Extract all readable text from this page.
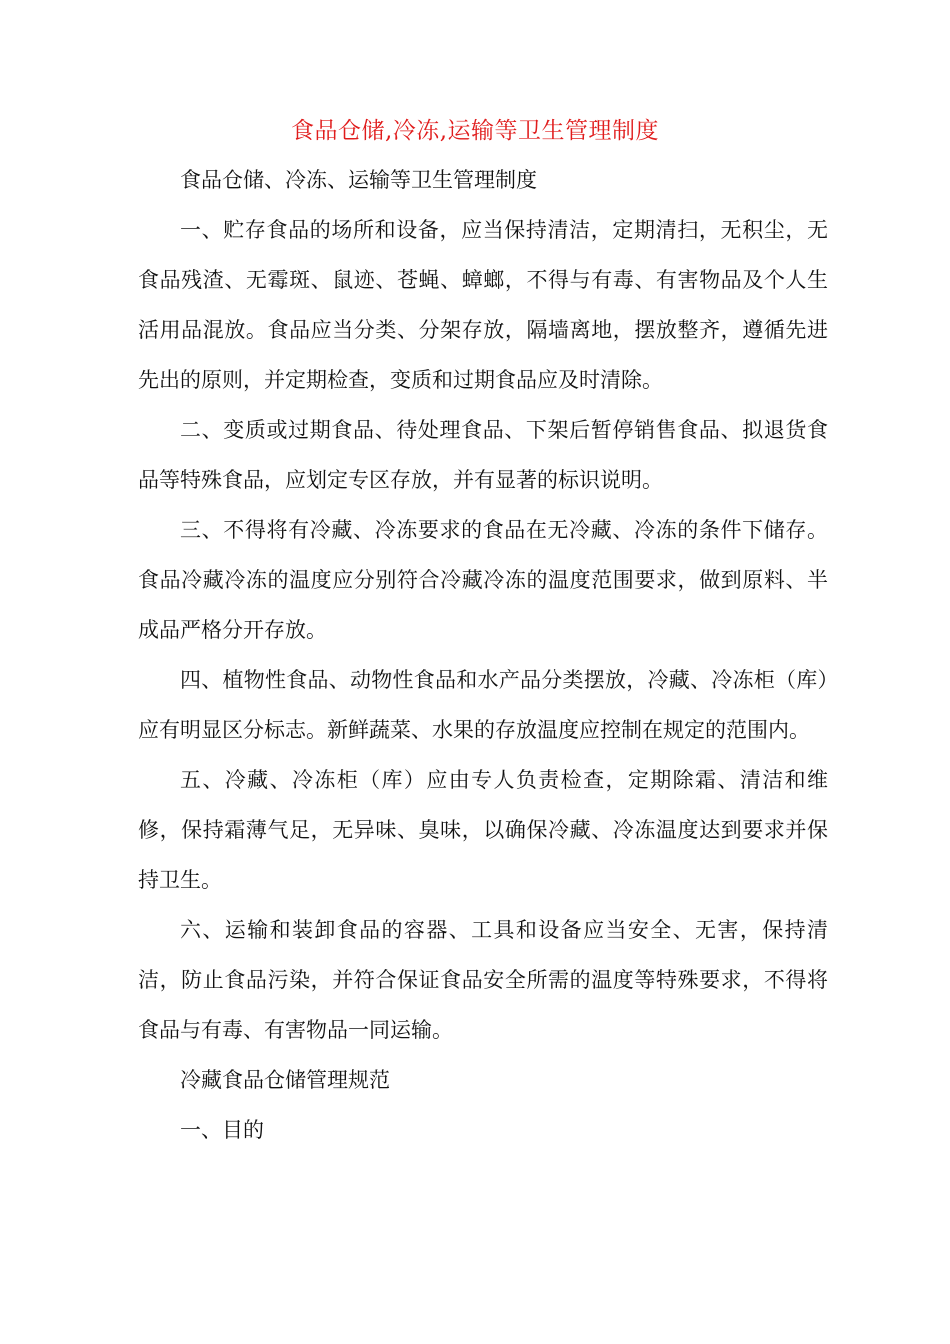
食品仓储,冷冻,运输等卫生管理制度

食品仓储、冷冻、运输等卫生管理制度

一、贮存食品的场所和设备，应当保持清洁，定期清扫，无积尘，无食品残渣、无霉斑、鼠迹、苍蝇、蟑螂，不得与有毒、有害物品及个人生活用品混放。食品应当分类、分架存放，隔墙离地，摆放整齐，遵循先进先出的原则，并定期检查，变质和过期食品应及时清除。

二、变质或过期食品、待处理食品、下架后暂停销售食品、拟退货食品等特殊食品，应划定专区存放，并有显著的标识说明。

三、不得将有冷藏、冷冻要求的食品在无冷藏、冷冻的条件下储存。食品冷藏冷冻的温度应分别符合冷藏冷冻的温度范围要求，做到原料、半成品严格分开存放。

四、植物性食品、动物性食品和水产品分类摆放，冷藏、冷冻柜（库）应有明显区分标志。新鲜蔬菜、水果的存放温度应控制在规定的范围内。

五、冷藏、冷冻柜（库）应由专人负责检查，定期除霜、清洁和维修，保持霜薄气足，无异味、臭味，以确保冷藏、冷冻温度达到要求并保持卫生。

六、运输和装卸食品的容器、工具和设备应当安全、无害，保持清洁，防止食品污染，并符合保证食品安全所需的温度等特殊要求，不得将食品与有毒、有害物品一同运输。

冷藏食品仓储管理规范

一、目的
